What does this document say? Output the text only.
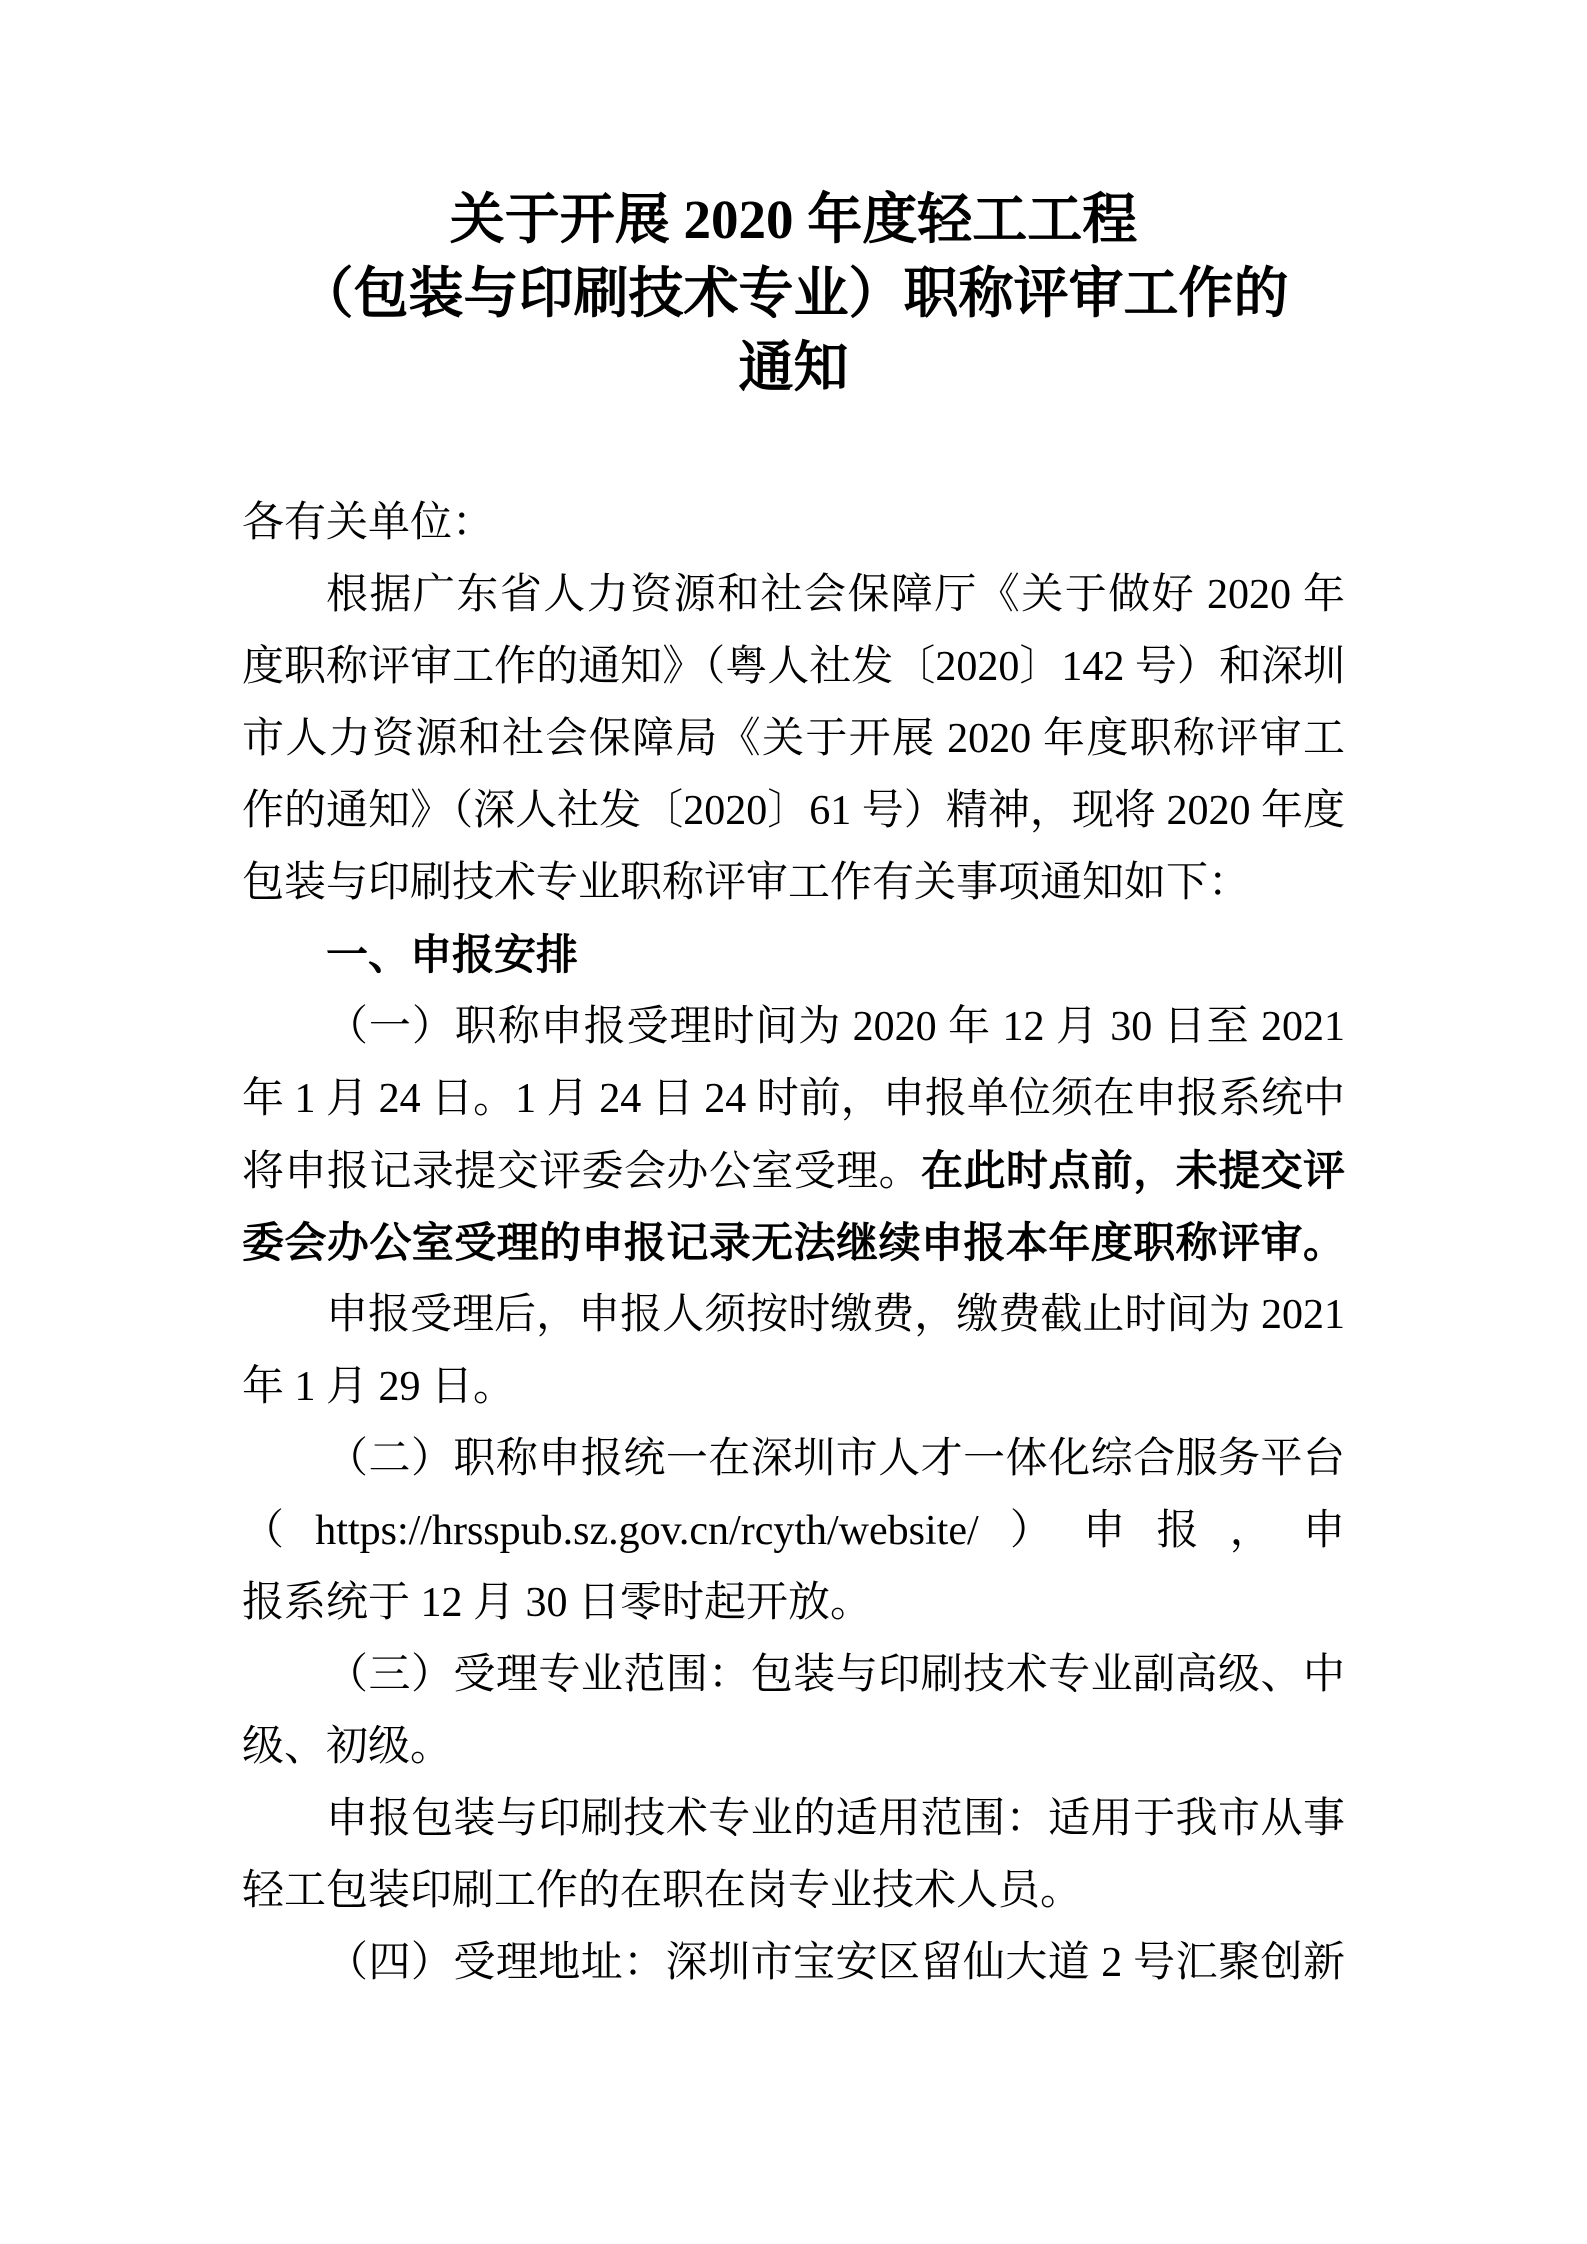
关于开展 2020 年度轻工工程
（包装与印刷技术专业）职称评审工作的
通知
各有关单位：
根据广东省人力资源和社会保障厅《关于做好 2020 年
度职称评审工作的通知》（粤人社发〔2020〕142 号）和深圳
市人力资源和社会保障局《关于开展 2020 年度职称评审工
作的通知》（深人社发〔2020〕61 号）精神，现将 2020 年度
包装与印刷技术专业职称评审工作有关事项通知如下：
一、申报安排
（一）职称申报受理时间为 2020 年 12 月 30 日至 2021
年 1 月 24 日。1 月 24 日 24 时前，申报单位须在申报系统中
将申报记录提交评委会办公室受理。在此时点前，未提交评
委会办公室受理的申报记录无法继续申报本年度职称评审。
申报受理后，申报人须按时缴费，缴费截止时间为 2021
年 1 月 29 日。
（二）职称申报统一在深圳市人才一体化综合服务平台
（https://hrsspub.sz.gov.cn/rcyth/website/）申报，申
报系统于 12 月 30 日零时起开放。
（三）受理专业范围：包装与印刷技术专业副高级、中
级、初级。
申报包装与印刷技术专业的适用范围：适用于我市从事
轻工包装印刷工作的在职在岗专业技术人员。
（四）受理地址：深圳市宝安区留仙大道 2 号汇聚创新
